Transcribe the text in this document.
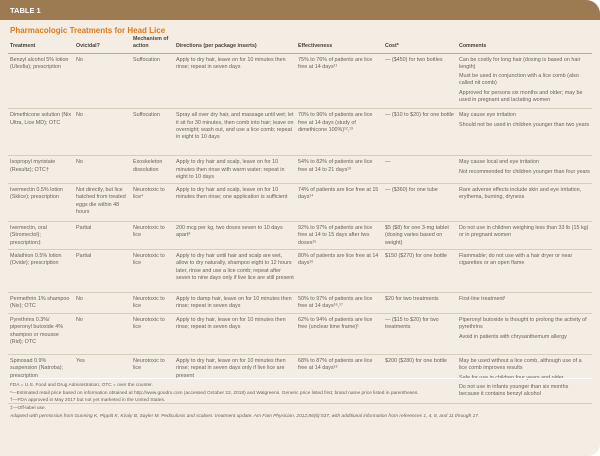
TABLE 1
Pharmacologic Treatments for Head Lice
Treatment	Ovicidal?	Mechanism of action	Directions (per package inserts)	Effectiveness	Cost*	Comments
Benzyl alcohol 5% lotion (Ulesfia); prescription	No	Suffocation	Apply to dry hair, leave on for 10 minutes then rinse; repeat in seven days	75% to 76% of patients are lice free at 14 days¹¹	— ($450) for two bottles	Can be costly for long hair (dosing is based on hair length)

Must be used in conjunction with a lice comb (also called nit comb)

Approved for persons six months and older; may be used in pregnant and lactating women

Dimethicone solution (Nix Ultra, Lice MD); OTC	No	Suffocation	Spray all over dry hair, and massage until wet; let it sit for 30 minutes, then comb into hair; leave on overnight; wash out, and use a lice comb; repeat in eight to 10 days	70% to 96% of patients are lice free at 14 days (study of dimethicone 100%)¹²,¹³	— ($10 to $20) for one bottle	May cause eye irritation

Should not be used in children younger than two years

Isopropyl myristate (Resultz); OTC†	No	Exoskeleton dissolution	Apply to dry hair and scalp, leave on for 10 minutes then rinse with warm water; repeat in eight to 10 days	54% to 82% of patients are lice free at 14 to 21 days¹³	—	May cause local and eye irritation

Not recommended for children younger than four years

Ivermectin 0.5% lotion (Sklice); prescription	Not directly, but lice hatched from treated eggs die within 48 hours	Neurotoxic to lice⁴	Apply to dry hair and scalp, leave on for 10 minutes then rinse; one application is sufficient	74% of patients are lice free at 15 days¹⁴	— ($360) for one tube	Rare adverse effects include skin and eye irritation, erythema, burning, dryness

Ivermectin, oral (Stromectol); prescription‡	Partial	Neurotoxic to lice	200 mcg per kg, two doses seven to 10 days apart⁸	92% to 97% of patients are lice free at 14 to 15 days after two doses¹⁵	$5 ($8) for one 3-mg tablet (dosing varies based on weight)	Do not use in children weighing less than 33 lb (15 kg) or in pregnant women

Malathion 0.5% lotion (Ovide); prescription	Partial	Neurotoxic to lice	Apply to dry hair until hair and scalp are wet, allow to dry naturally, shampoo eight to 12 hours later, rinse and use a lice comb; repeat after seven to nine days only if live lice are still present	80% of patients are lice free at 14 days¹⁶	$150 ($270) for one bottle	Flammable; do not use with a hair dryer or near cigarettes or an open flame

Permethrin 1% shampoo (Nix); OTC	No	Neurotoxic to lice	Apply to damp hair, leave on for 10 minutes then rinse; repeat in seven days	50% to 97% of patients are lice free at 14 days¹⁶,¹⁷	$20 for two treatments	First-line treatment¹

Pyrethrins 0.3%/ piperonyl butoxide 4% shampoo or mousse (Rid); OTC	No	Neurotoxic to lice	Apply to dry hair, leave on for 10 minutes then rinse; repeat in seven days	62% to 94% of patients are lice free (unclear time frame)¹	— ($15 to $20) for two treatments	Piperonyl butoxide is thought to prolong the activity of pyrethrins

Avoid in patients with chrysanthemum allergy

Spinosad 0.9% suspension (Natroba); prescription	Yes	Neurotoxic to lice	Apply to dry hair, leave on for 10 minutes then rinse; repeat in seven days only if live lice are present	68% to 87% of patients are lice free at 14 days¹⁶	$200 ($280) for one bottle	May be used without a lice comb, although use of a lice comb improves results

Safe for use in children four years and older

Do not use in infants younger than six months because it contains benzyl alcohol

FDA = U.S. Food and Drug Administration; OTC = over the counter.

*—Estimated retail price based on information obtained at http://www.goodrx.com (accessed October 22, 2018) and Walgreens. Generic price listed first; brand name price listed in parentheses.

†—FDA approved in May 2017 but not yet marketed in the United States.

‡—Off-label use.

Adapted with permission from Gunning K, Pippitt K, Kiraly B, Sayler M. Pediculosis and scabies: treatment update. Am Fam Physician. 2012;86(6):537, with additional information from references 1, 4, 8, and 11 through 17.
